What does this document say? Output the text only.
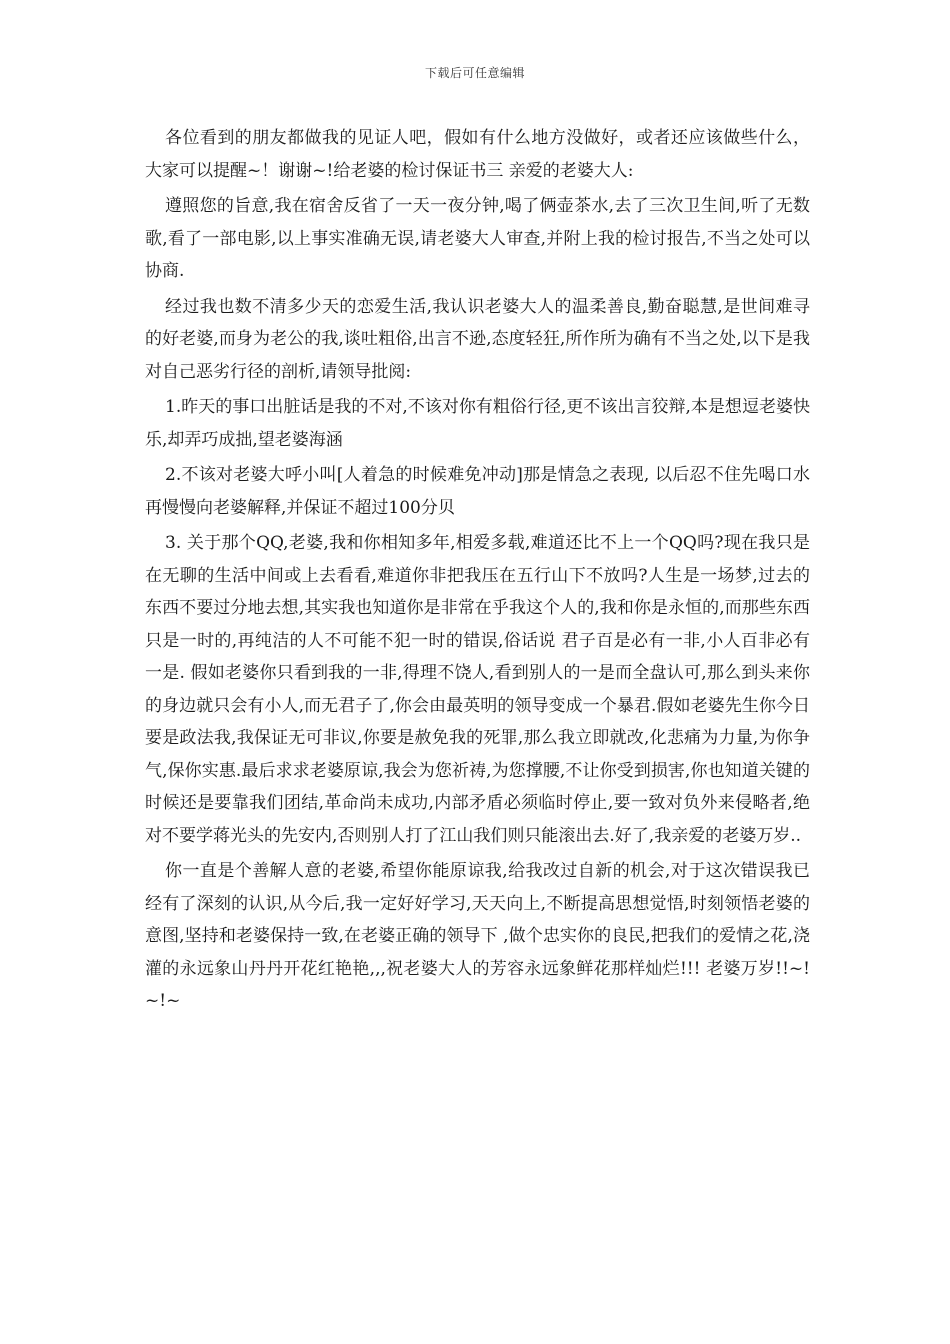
下载后可任意编辑

各位看到的朋友都做我的见证人吧，假如有什么地方没做好，或者还应该做些什么，大家可以提醒~！谢谢~!给老婆的检讨保证书三 亲爱的老婆大人:

遵照您的旨意,我在宿舍反省了一天一夜分钟,喝了俩壶茶水,去了三次卫生间,听了无数歌,看了一部电影,以上事实准确无误,请老婆大人审查,并附上我的检讨报告,不当之处可以协商.

经过我也数不清多少天的恋爱生活,我认识老婆大人的温柔善良,勤奋聪慧,是世间难寻的好老婆,而身为老公的我,谈吐粗俗,出言不逊,态度轻狂,所作所为确有不当之处,以下是我对自己恶劣行径的剖析,请领导批阅:

1.昨天的事口出脏话是我的不对,不该对你有粗俗行径,更不该出言狡辩,本是想逗老婆快乐,却弄巧成拙,望老婆海涵

2.不该对老婆大呼小叫[人着急的时候难免冲动]那是情急之表现, 以后忍不住先喝口水再慢慢向老婆解释,并保证不超过100分贝

3. 关于那个QQ,老婆,我和你相知多年,相爱多载,难道还比不上一个QQ吗?现在我只是在无聊的生活中间或上去看看,难道你非把我压在五行山下不放吗?人生是一场梦,过去的东西不要过分地去想,其实我也知道你是非常在乎我这个人的,我和你是永恒的,而那些东西只是一时的,再纯洁的人不可能不犯一时的错误,俗话说 君子百是必有一非,小人百非必有一是. 假如老婆你只看到我的一非,得理不饶人,看到别人的一是而全盘认可,那么到头来你的身边就只会有小人,而无君子了,你会由最英明的领导变成一个暴君.假如老婆先生你今日要是政法我,我保证无可非议,你要是赦免我的死罪,那么我立即就改,化悲痛为力量,为你争气,保你实惠.最后求求老婆原谅,我会为您祈祷,为您撑腰,不让你受到损害,你也知道关键的时候还是要靠我们团结,革命尚未成功,内部矛盾必须临时停止,要一致对负外来侵略者,绝对不要学蒋光头的先安内,否则别人打了江山我们则只能滚出去.好了,我亲爱的老婆万岁..

你一直是个善解人意的老婆,希望你能原谅我,给我改过自新的机会,对于这次错误我已经有了深刻的认识,从今后,我一定好好学习,天天向上,不断提高思想觉悟,时刻领悟老婆的意图,坚持和老婆保持一致,在老婆正确的领导下 ,做个忠实你的良民,把我们的爱情之花,浇灌的永远象山丹丹开花红艳艳,,,祝老婆大人的芳容永远象鲜花那样灿烂!!! 老婆万岁!!~!~!~
